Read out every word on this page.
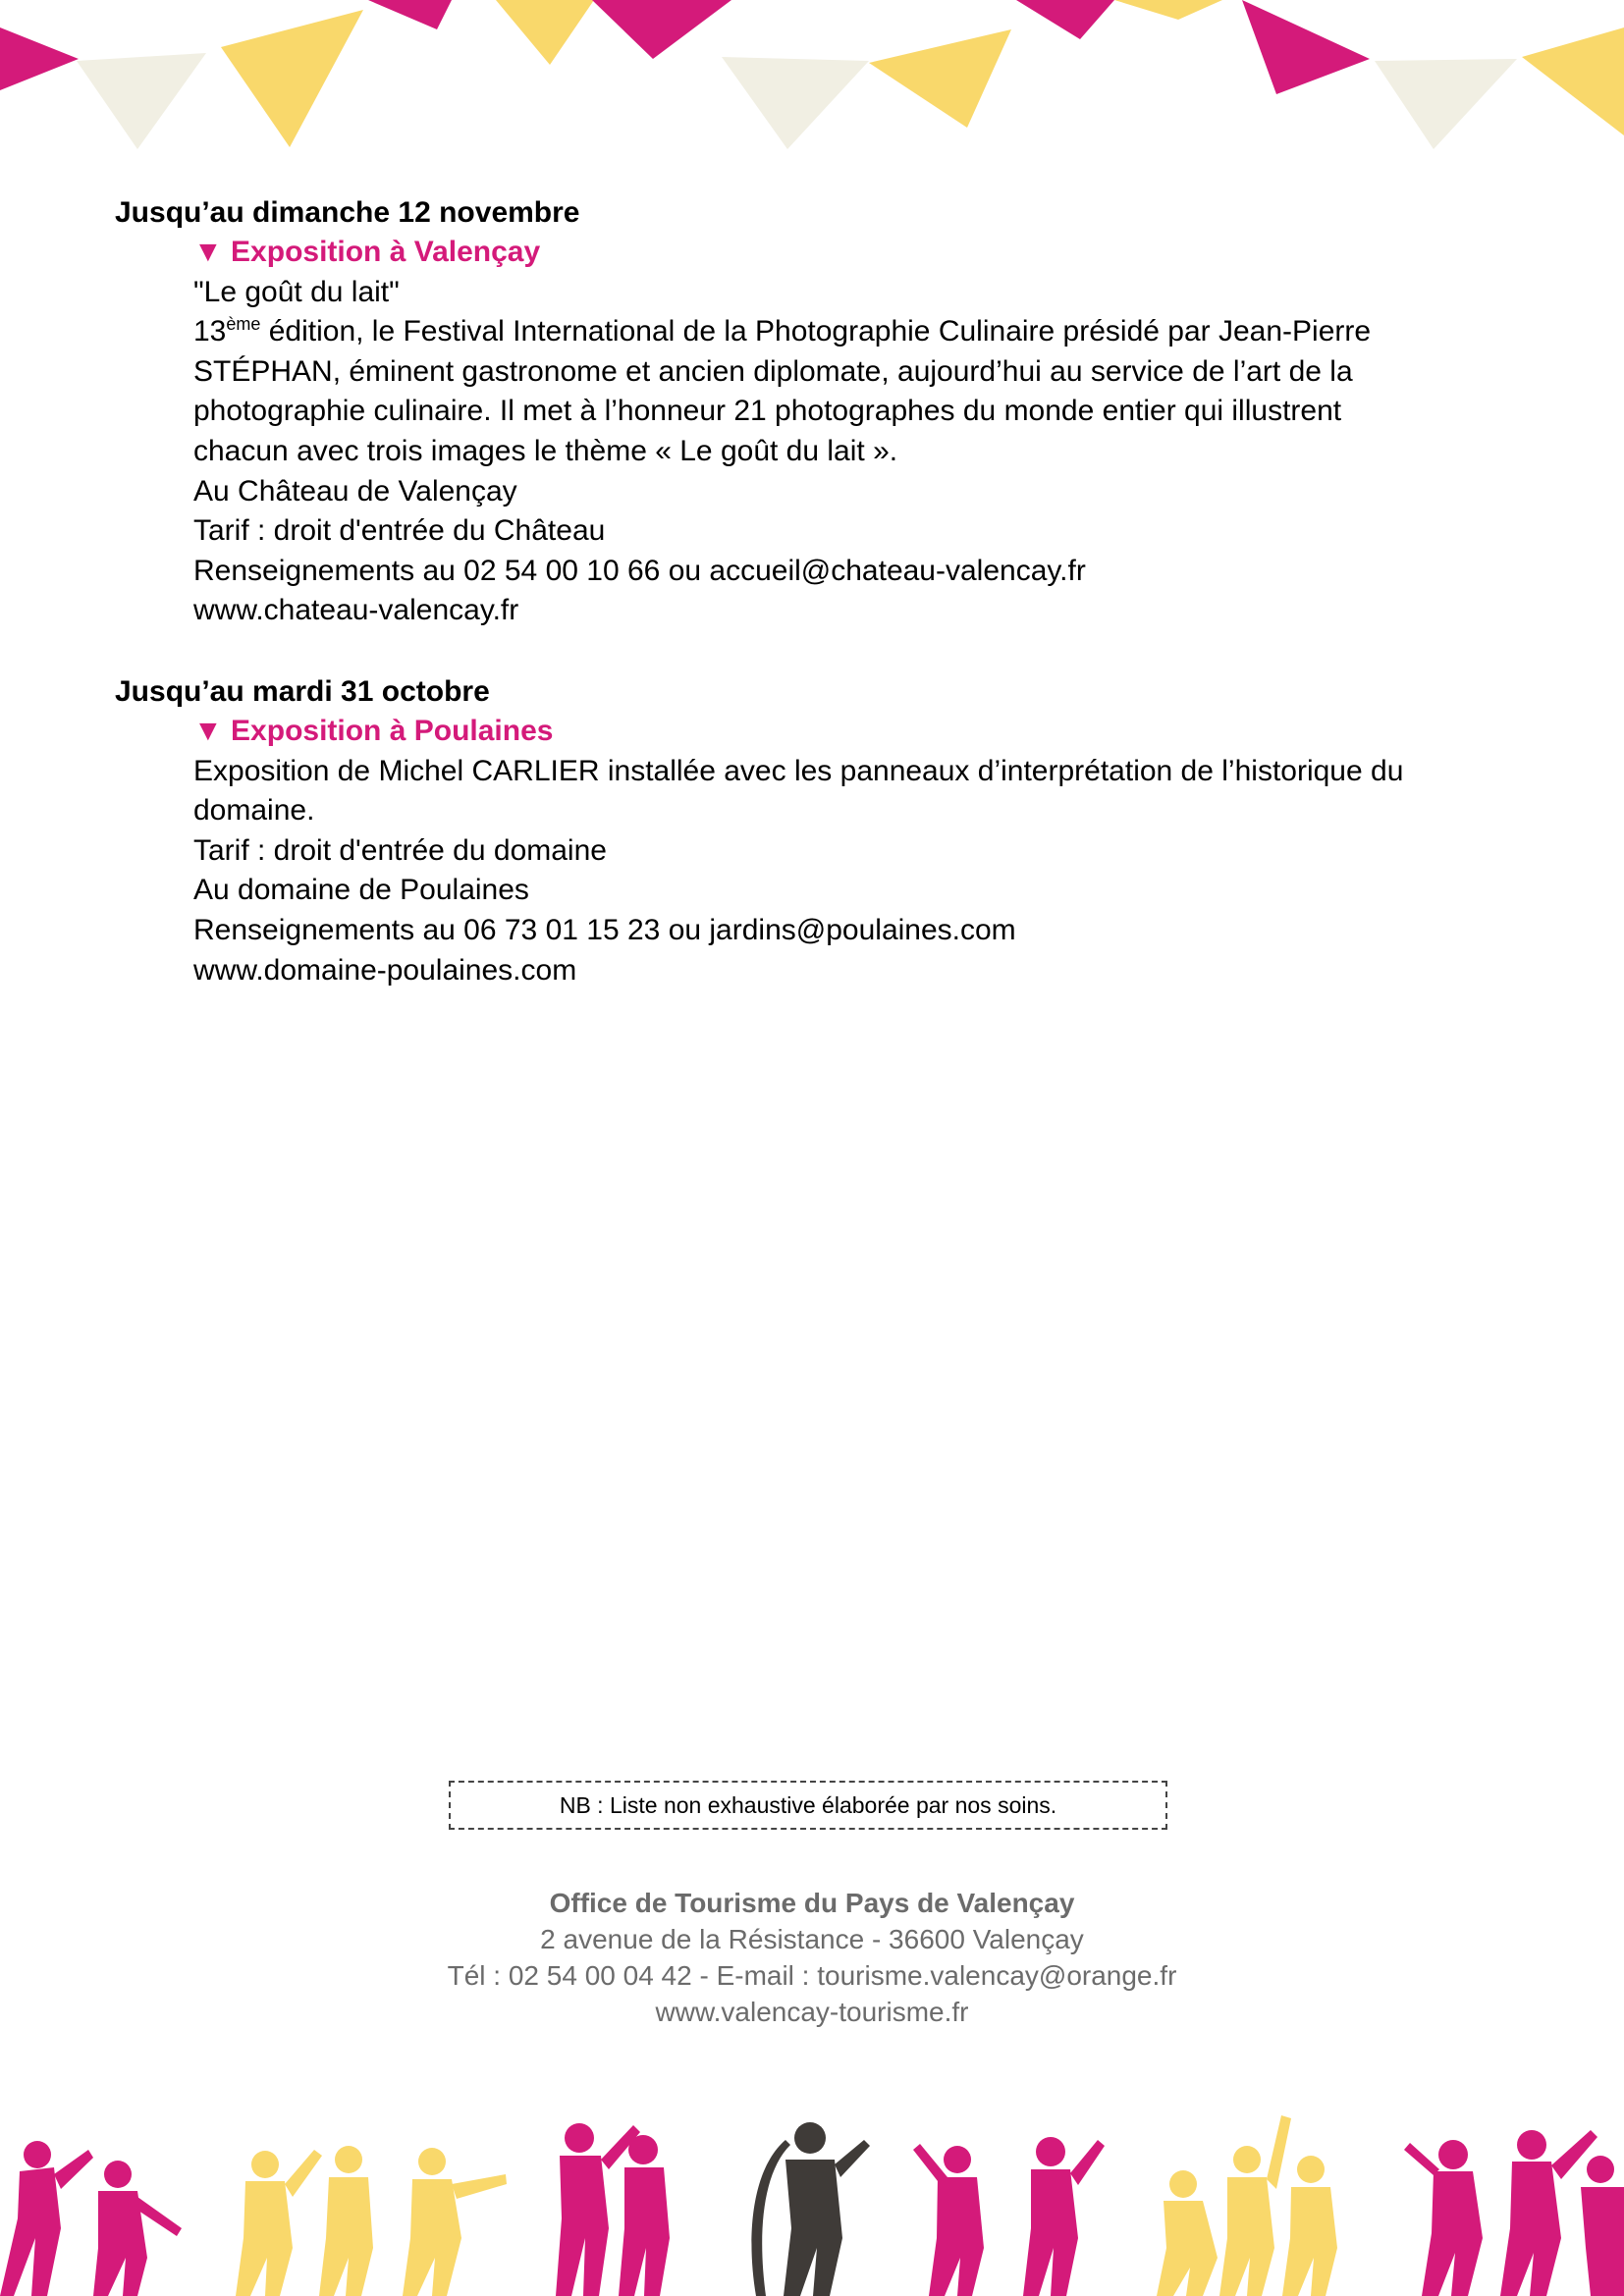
Jusqu’au dimanche 12 novembre

▼ Exposition à Valençay
"Le goût du lait"
13ème édition, le Festival International de la Photographie Culinaire présidé par Jean-Pierre
STÉPHAN, éminent gastronome et ancien diplomate, aujourd’hui au service de l’art de la
photographie culinaire. Il met à l’honneur 21 photographes du monde entier qui illustrent
chacun avec trois images le thème « Le goût du lait ».
Au Château de Valençay
Tarif : droit d'entrée du Château
Renseignements au 02 54 00 10 66 ou accueil@chateau-valencay.fr
www.chateau-valencay.fr

Jusqu’au mardi 31 octobre

▼ Exposition à Poulaines
Exposition de Michel CARLIER installée avec les panneaux d’interprétation de l’historique du
domaine.
Tarif : droit d'entrée du domaine
Au domaine de Poulaines
Renseignements au 06 73 01 15 23 ou jardins@poulaines.com
www.domaine-poulaines.com
NB : Liste non exhaustive élaborée par nos soins.
Office de Tourisme du Pays de Valençay
2 avenue de la Résistance - 36600 Valençay
Tél : 02 54 00 04 42 - E-mail : tourisme.valencay@orange.fr
www.valencay-tourisme.fr
